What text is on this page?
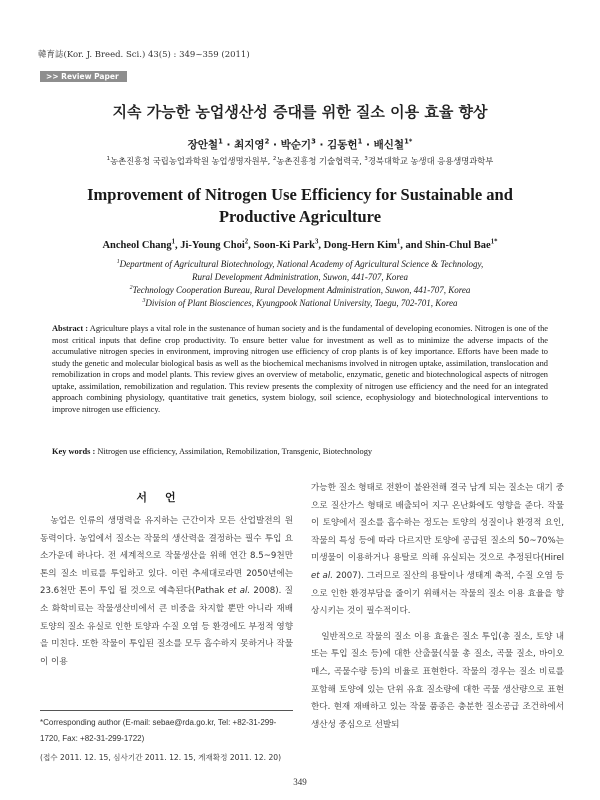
韓育誌(Kor. J. Breed. Sci.) 43(5) : 349~359 (2011)
>> Review Paper
지속 가능한 농업생산성 증대를 위한 질소 이용 효율 향상
장안철$^1$ · 최지영$^2$ · 박순기$^3$ · 김동헌$^1$ · 배신철$^{1*}$
$^1$농촌진흥청 국립농업과학원 농업생명자원부, $^2$농촌진흥청 기술협력국, $^3$경북대학교 농생대 응용생명과학부
Improvement of Nitrogen Use Efficiency for Sustainable and
Productive Agriculture
Ancheol Chang$^1$, Ji-Young Choi$^2$, Soon-Ki Park$^3$, Dong-Hern Kim$^1$, and Shin-Chul Bae$^{1*}$
$^1$Department of Agricultural Biotechnology, National Academy of Agricultural Science & Technology,
Rural Development Administration, Suwon, 441-707, Korea
$^2$Technology Cooperation Bureau, Rural Development Administration, Suwon, 441-707, Korea
$^3$Division of Plant Biosciences, Kyungpook National University, Taegu, 702-701, Korea
Abstract : Agriculture plays a vital role in the sustenance of human society and is the fundamental of developing economies. Nitrogen is one of the most critical inputs that define crop productivity. To ensure better value for investment as well as to minimize the adverse impacts of the accumulative nitrogen species in environment, improving nitrogen use efficiency of crop plants is of key importance. Efforts have been made to study the genetic and molecular biological basis as well as the biochemical mechanisms involved in nitrogen uptake, assimilation, translocation and remobilization in crops and model plants. This review gives an overview of metabolic, enzymatic, genetic and biotechnological aspects of nitrogen uptake, assimilation, remobilization and regulation. This review presents the complexity of nitrogen use efficiency and the need for an integrated approach combining physiology, quantitative trait genetics, system biology, soil science, ecophysiology and biotechnological interventions to improve nitrogen use efficiency.
Key words : Nitrogen use efficiency, Assimilation, Remobilization, Transgenic, Biotechnology
서언

농업은 인류의 생명력을 유지하는 근간이자 모든 산업발전의 원동력이다. 농업에서 질소는 작물의 생산력을 결정하는 필수 투입 요소가운데 하나다. 전 세계적으로 작물생산을 위해 연간 8.5~9천만 톤의 질소 비료를 투입하고 있다. 이런 추세대로라면 2050년에는 23.6천만 톤이 투입 될 것으로 예측된다(Pathak et al. 2008). 질소 화학비료는 작물생산비에서 큰 비중을 차지할 뿐만 아니라 재배토양의 질소 유실로 인한 토양과 수질 오염 등 환경에도 부정적 영향을 미친다. 또한 작물이 투입된 질소를 모두 흡수하지 못하거나 작물이 이용

가능한 질소 형태로 전환이 불완전해 결국 남게 되는 질소는 대기 중으로 질산가스 형태로 배출되어 지구 온난화에도 영향을 준다. 작물이 토양에서 질소를 흡수하는 정도는 토양의 성질이나 환경적 요인, 작물의 특성 등에 따라 다르지만 토양에 공급된 질소의 50~70%는 미생물이 이용하거나 용탈로 의해 유실되는 것으로 추정된다(Hirel et al. 2007). 그러므로 질산의 용탈이나 생태계 축적, 수질 오염 등으로 인한 환경부담을 줄이기 위해서는 작물의 질소 이용 효율을 향상시키는 것이 필수적이다.

일반적으로 작물의 질소 이용 효율은 질소 투입(총 질소, 토양 내 또는 투입 질소 등)에 대한 산출물(식물 총 질소, 곡물 질소, 바이오매스, 곡물수량 등)의 비율로 표현한다. 작물의 경우는 질소 비료를 포함해 토양에 있는 단위 유효 질소량에 대한 곡물 생산량으로 표현한다. 현재 재배하고 있는 작물 품종은 충분한 질소공급 조건하에서 생산성 중심으로 선발되

*Corresponding author (E-mail: sebae@rda.go.kr, Tel: +82-31-299-1720, Fax: +82-31-299-1722)
(접수 2011. 12. 15, 심사기간 2011. 12. 15, 게재확정 2011. 12. 20)
349
